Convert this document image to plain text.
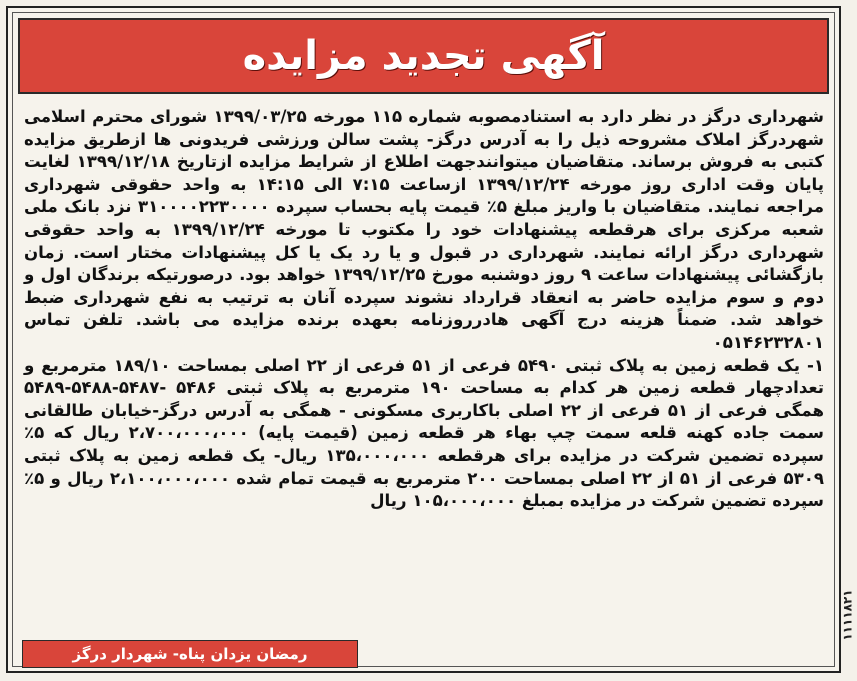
آگهی تجدید مزایده

شهرداری درگز در نظر دارد به استنادمصوبه شماره ۱۱۵ مورخه ۱۳۹۹/۰۳/۲۵ شورای محترم اسلامی شهردرگز املاک مشروحه ذیل را به آدرس درگز- پشت سالن ورزشی فریدونی ها ازطریق مزایده کتبی به فروش برساند. متقاضیان میتوانندجهت اطلاع از شرایط مزایده ازتاریخ ۱۳۹۹/۱۲/۱۸ لغایت پایان وقت اداری روز مورخه ۱۳۹۹/۱۲/۲۴ ازساعت ۷:۱۵ الی ۱۴:۱۵ به واحد حقوقی شهرداری مراجعه نمایند. متقاضیان با واریز مبلغ ۵٪ قیمت پایه بحساب سپرده ۳۱۰۰۰۰۲۲۳۰۰۰۰ نزد بانک ملی شعبه مرکزی برای هرقطعه پیشنهادات خود را مکتوب تا مورخه ۱۳۹۹/۱۲/۲۴ به واحد حقوقی شهرداری درگز ارائه نمایند. شهرداری در قبول و یا رد یک یا کل پیشنهادات مختار است. زمان بازگشائی پیشنهادات ساعت ۹ روز دوشنبه مورخ ۱۳۹۹/۱۲/۲۵ خواهد بود. درصورتیکه برندگان اول و دوم و سوم مزایده حاضر به انعقاد قرارداد نشوند سپرده آنان به ترتیب به نفع شهرداری ضبط خواهد شد. ضمناً هزینه درج آگهی هادرروزنامه بعهده برنده مزایده می باشد. تلفن تماس ۰۵۱۴۶۲۳۲۸۰۱

۱- یک قطعه زمین به پلاک ثبتی ۵۴۹۰ فرعی از ۵۱ فرعی از ۲۲ اصلی بمساحت ۱۸۹/۱۰ مترمربع و تعدادچهار قطعه زمین هر کدام به مساحت ۱۹۰ مترمربع به پلاک ثبتی ۵۴۸۶ -۵۴۸۷-۵۴۸۸-۵۴۸۹ همگی فرعی از ۵۱ فرعی از ۲۲ اصلی باکاربری مسکونی - همگی به آدرس درگز-خیابان طالقانی سمت جاده کهنه قلعه سمت چپ بهاء هر قطعه زمین (قیمت پایه) ۲،۷۰۰،۰۰۰،۰۰۰ ریال که ۵٪ سپرده تضمین شرکت در مزایده برای هرقطعه ۱۳۵،۰۰۰،۰۰۰ ریال- یک قطعه زمین به پلاک ثبتی ۵۳۰۹ فرعی از ۵۱ از ۲۲ اصلی بمساحت ۲۰۰ مترمربع به قیمت تمام شده ۲،۱۰۰،۰۰۰،۰۰۰ ریال و ۵٪ سپرده تضمین شرکت در مزایده بمبلغ ۱۰۵،۰۰۰،۰۰۰ ریال

رمضان یزدان پناه- شهردار درگز
۱۱۱۱۸۲۱
